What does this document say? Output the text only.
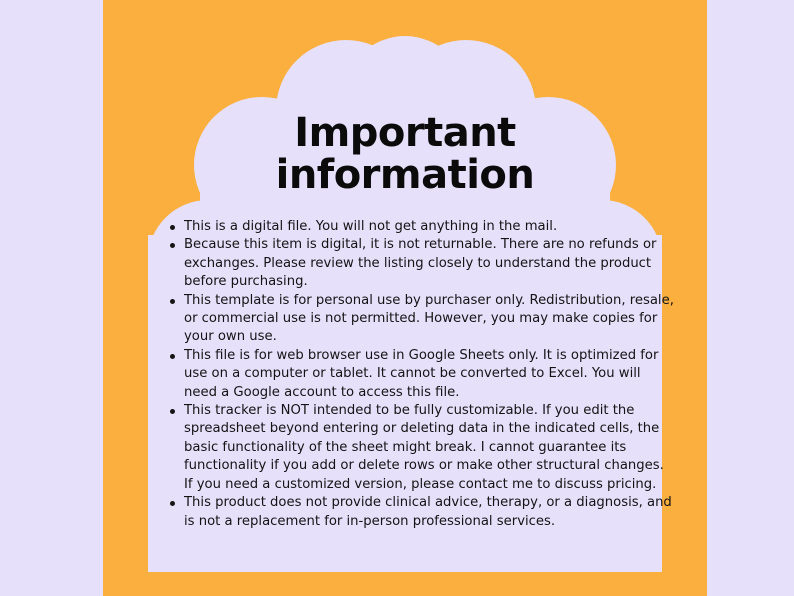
Important
information
This is a digital file. You will not get anything in the mail.
Because this item is digital, it is not returnable. There are no refunds or exchanges. Please review the listing closely to understand the product before purchasing.
This template is for personal use by purchaser only. Redistribution, resale, or commercial use is not permitted. However, you may make copies for your own use.
This file is for web browser use in Google Sheets only. It is optimized for use on a computer or tablet. It cannot be converted to Excel. You will need a Google account to access this file.
This tracker is NOT intended to be fully customizable. If you edit the spreadsheet beyond entering or deleting data in the indicated cells, the basic functionality of the sheet might break. I cannot guarantee its functionality if you add or delete rows or make other structural changes. If you need a customized version, please contact me to discuss pricing.
This product does not provide clinical advice, therapy, or a diagnosis, and is not a replacement for in-person professional services.
